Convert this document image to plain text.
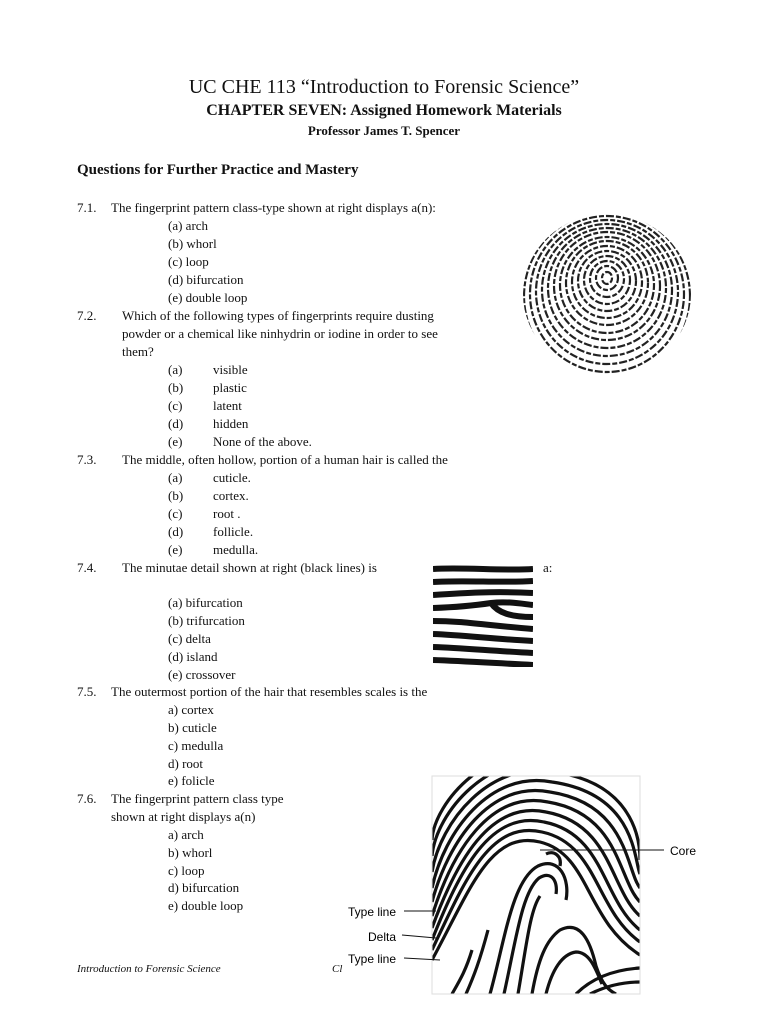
UC CHE 113 “Introduction to Forensic Science”
CHAPTER SEVEN: Assigned Homework Materials
Professor James T. Spencer
Questions for Further Practice and Mastery
7.1. The fingerprint pattern class-type shown at right displays a(n):
(a) arch
(b) whorl
(c) loop
(d) bifurcation
(e) double loop
7.2. Which of the following types of fingerprints require dusting
powder or a chemical like ninhydrin or iodine in order to see
them?
(a) visible
(b) plastic
(c) latent
(d) hidden
(e) None of the above.
7.3. The middle, often hollow, portion of a human hair is called the
(a) cuticle.
(b) cortex.
(c) root .
(d) follicle.
(e) medulla.
7.4. The minutae detail shown at right (black lines) is	a:
(a) bifurcation
(b) trifurcation
(c) delta
(d) island
(e) crossover
7.5. The outermost portion of the hair that resembles scales is the
a) cortex
b) cuticle
c) medulla
d) root
e) folicle
7.6. The fingerprint pattern class type
shown at right displays a(n)
a) arch
b) whorl
c) loop
d) bifurcation
e) double loop
Core
Type line
Delta
Type line
Introduction to Forensic Science	Cl
